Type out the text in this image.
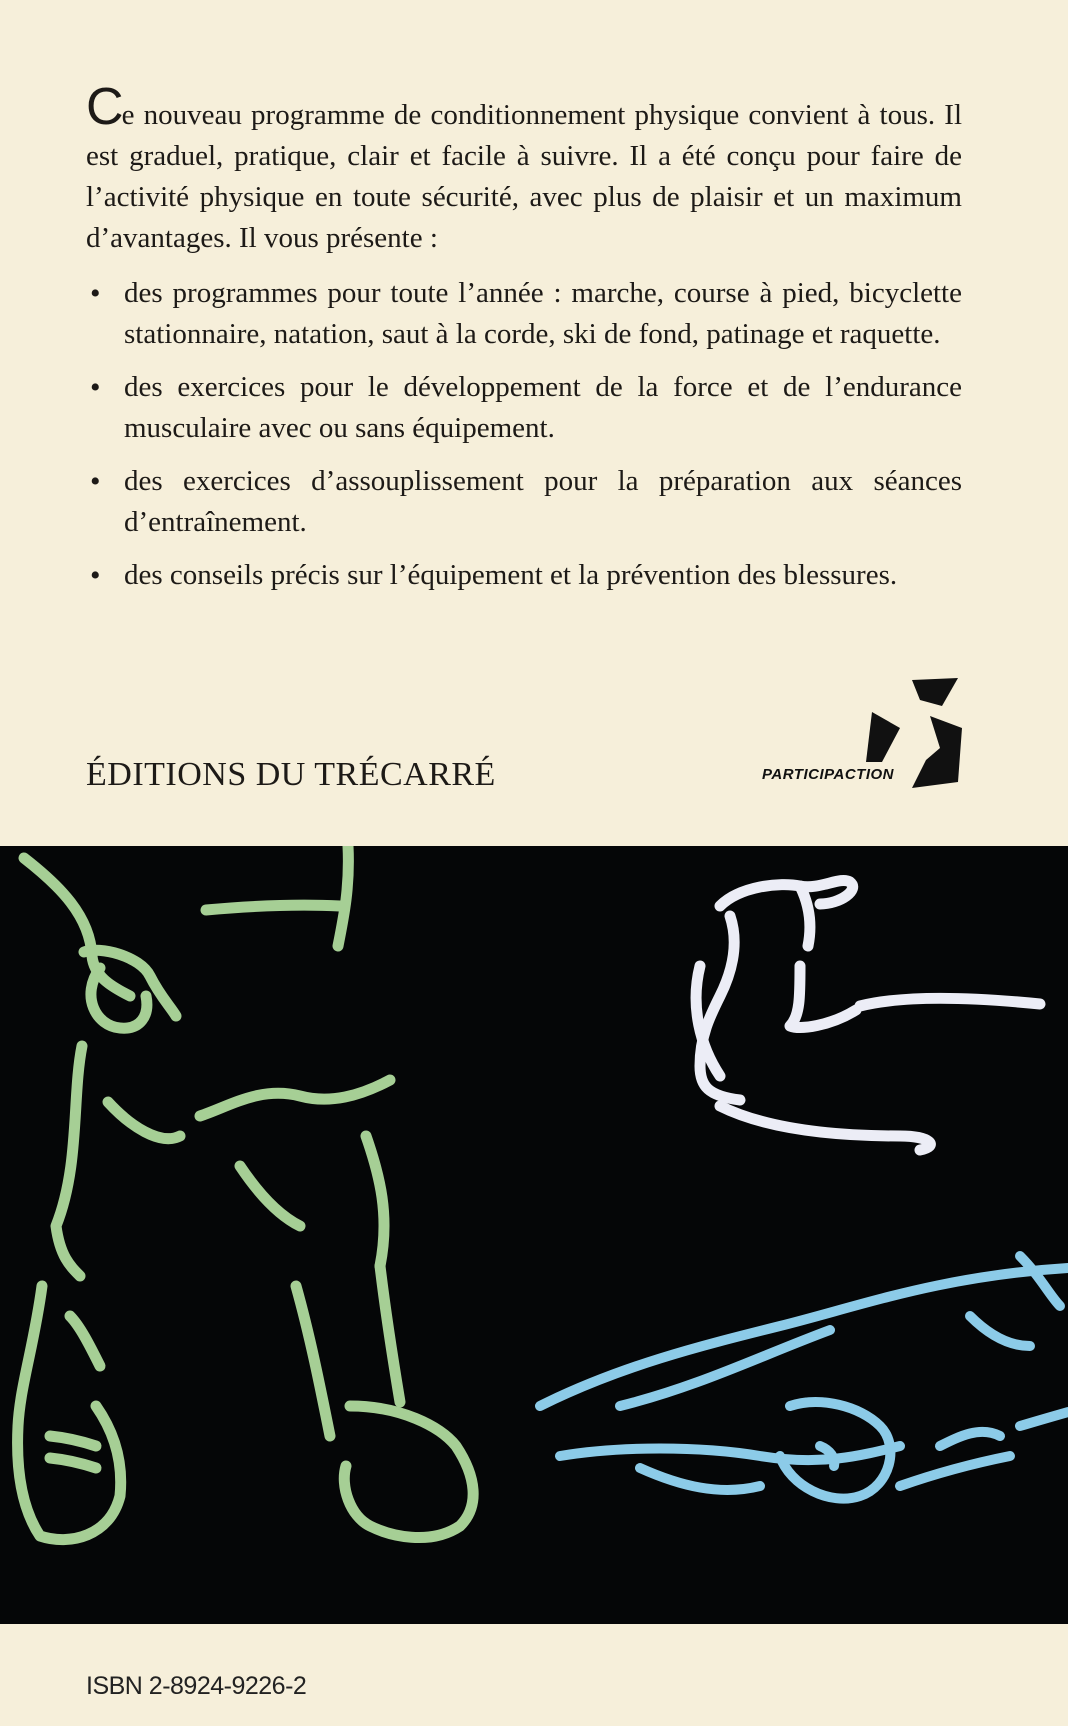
Ce nouveau programme de conditionnement physique convient à tous. Il est graduel, pratique, clair et facile à suivre. Il a été conçu pour faire de l’activité physique en toute sécurité, avec plus de plaisir et un maximum d’avantages. Il vous présente :

• des programmes pour toute l’année : marche, course à pied, bicyclette stationnaire, natation, saut à la corde, ski de fond, patinage et raquette.
• des exercices pour le développement de la force et de l’endurance musculaire avec ou sans équipement.
• des exercices d’assouplissement pour la préparation aux séances d’entraînement.
• des conseils précis sur l’équipement et la prévention des blessures.
ÉDITIONS DU TRÉCARRÉ	PARTICIPACTION
ISBN 2-8924-9226-2
